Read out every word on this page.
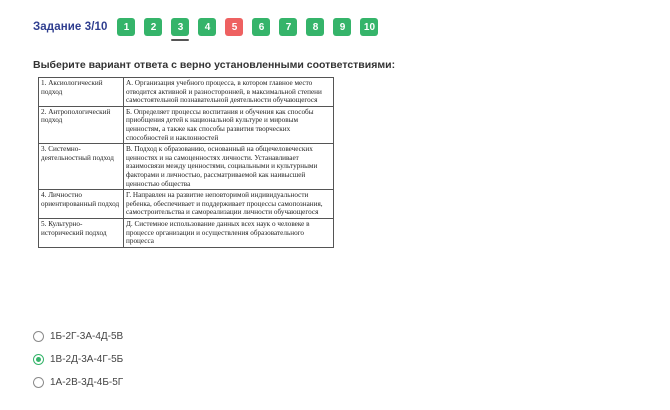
Задание 3/10	1	2	3	4	5	6	7	8	9	10
Выберите вариант ответа с верно установленными соответствиями:
1. Аксиологический подход	А. Организация учебного процесса, в котором главное место отводится активной и разносторонней, в максимальной степени самостоятельной познавательной деятельности обучающегося
2. Антропологический подход	Б. Определяет процессы воспитания и обучения как способы приобщения детей к национальной культуре и мировым ценностям, а также как способы развития творческих способностей и наклонностей
3. Системно-деятельностный подход	В. Подход к образованию, основанный на общечеловеческих ценностях и на самоценностях личности. Устанавливает взаимосвязи между ценностями, социальными и культурными факторами и личностью, рассматриваемой как наивысшей ценностью общества
4. Личностно ориентированный подход	Г. Направлен на развитие неповторимой индивидуальности ребенка, обеспечивает и поддерживает процессы самопознания, самостроительства и самореализации личности обучающегося
5. Культурно-исторический подход	Д. Системное использование данных всех наук о человеке в процессе организации и осуществления образовательного процесса
1Б-2Г-3А-4Д-5В
1В-2Д-3А-4Г-5Б
1А-2В-3Д-4Б-5Г
